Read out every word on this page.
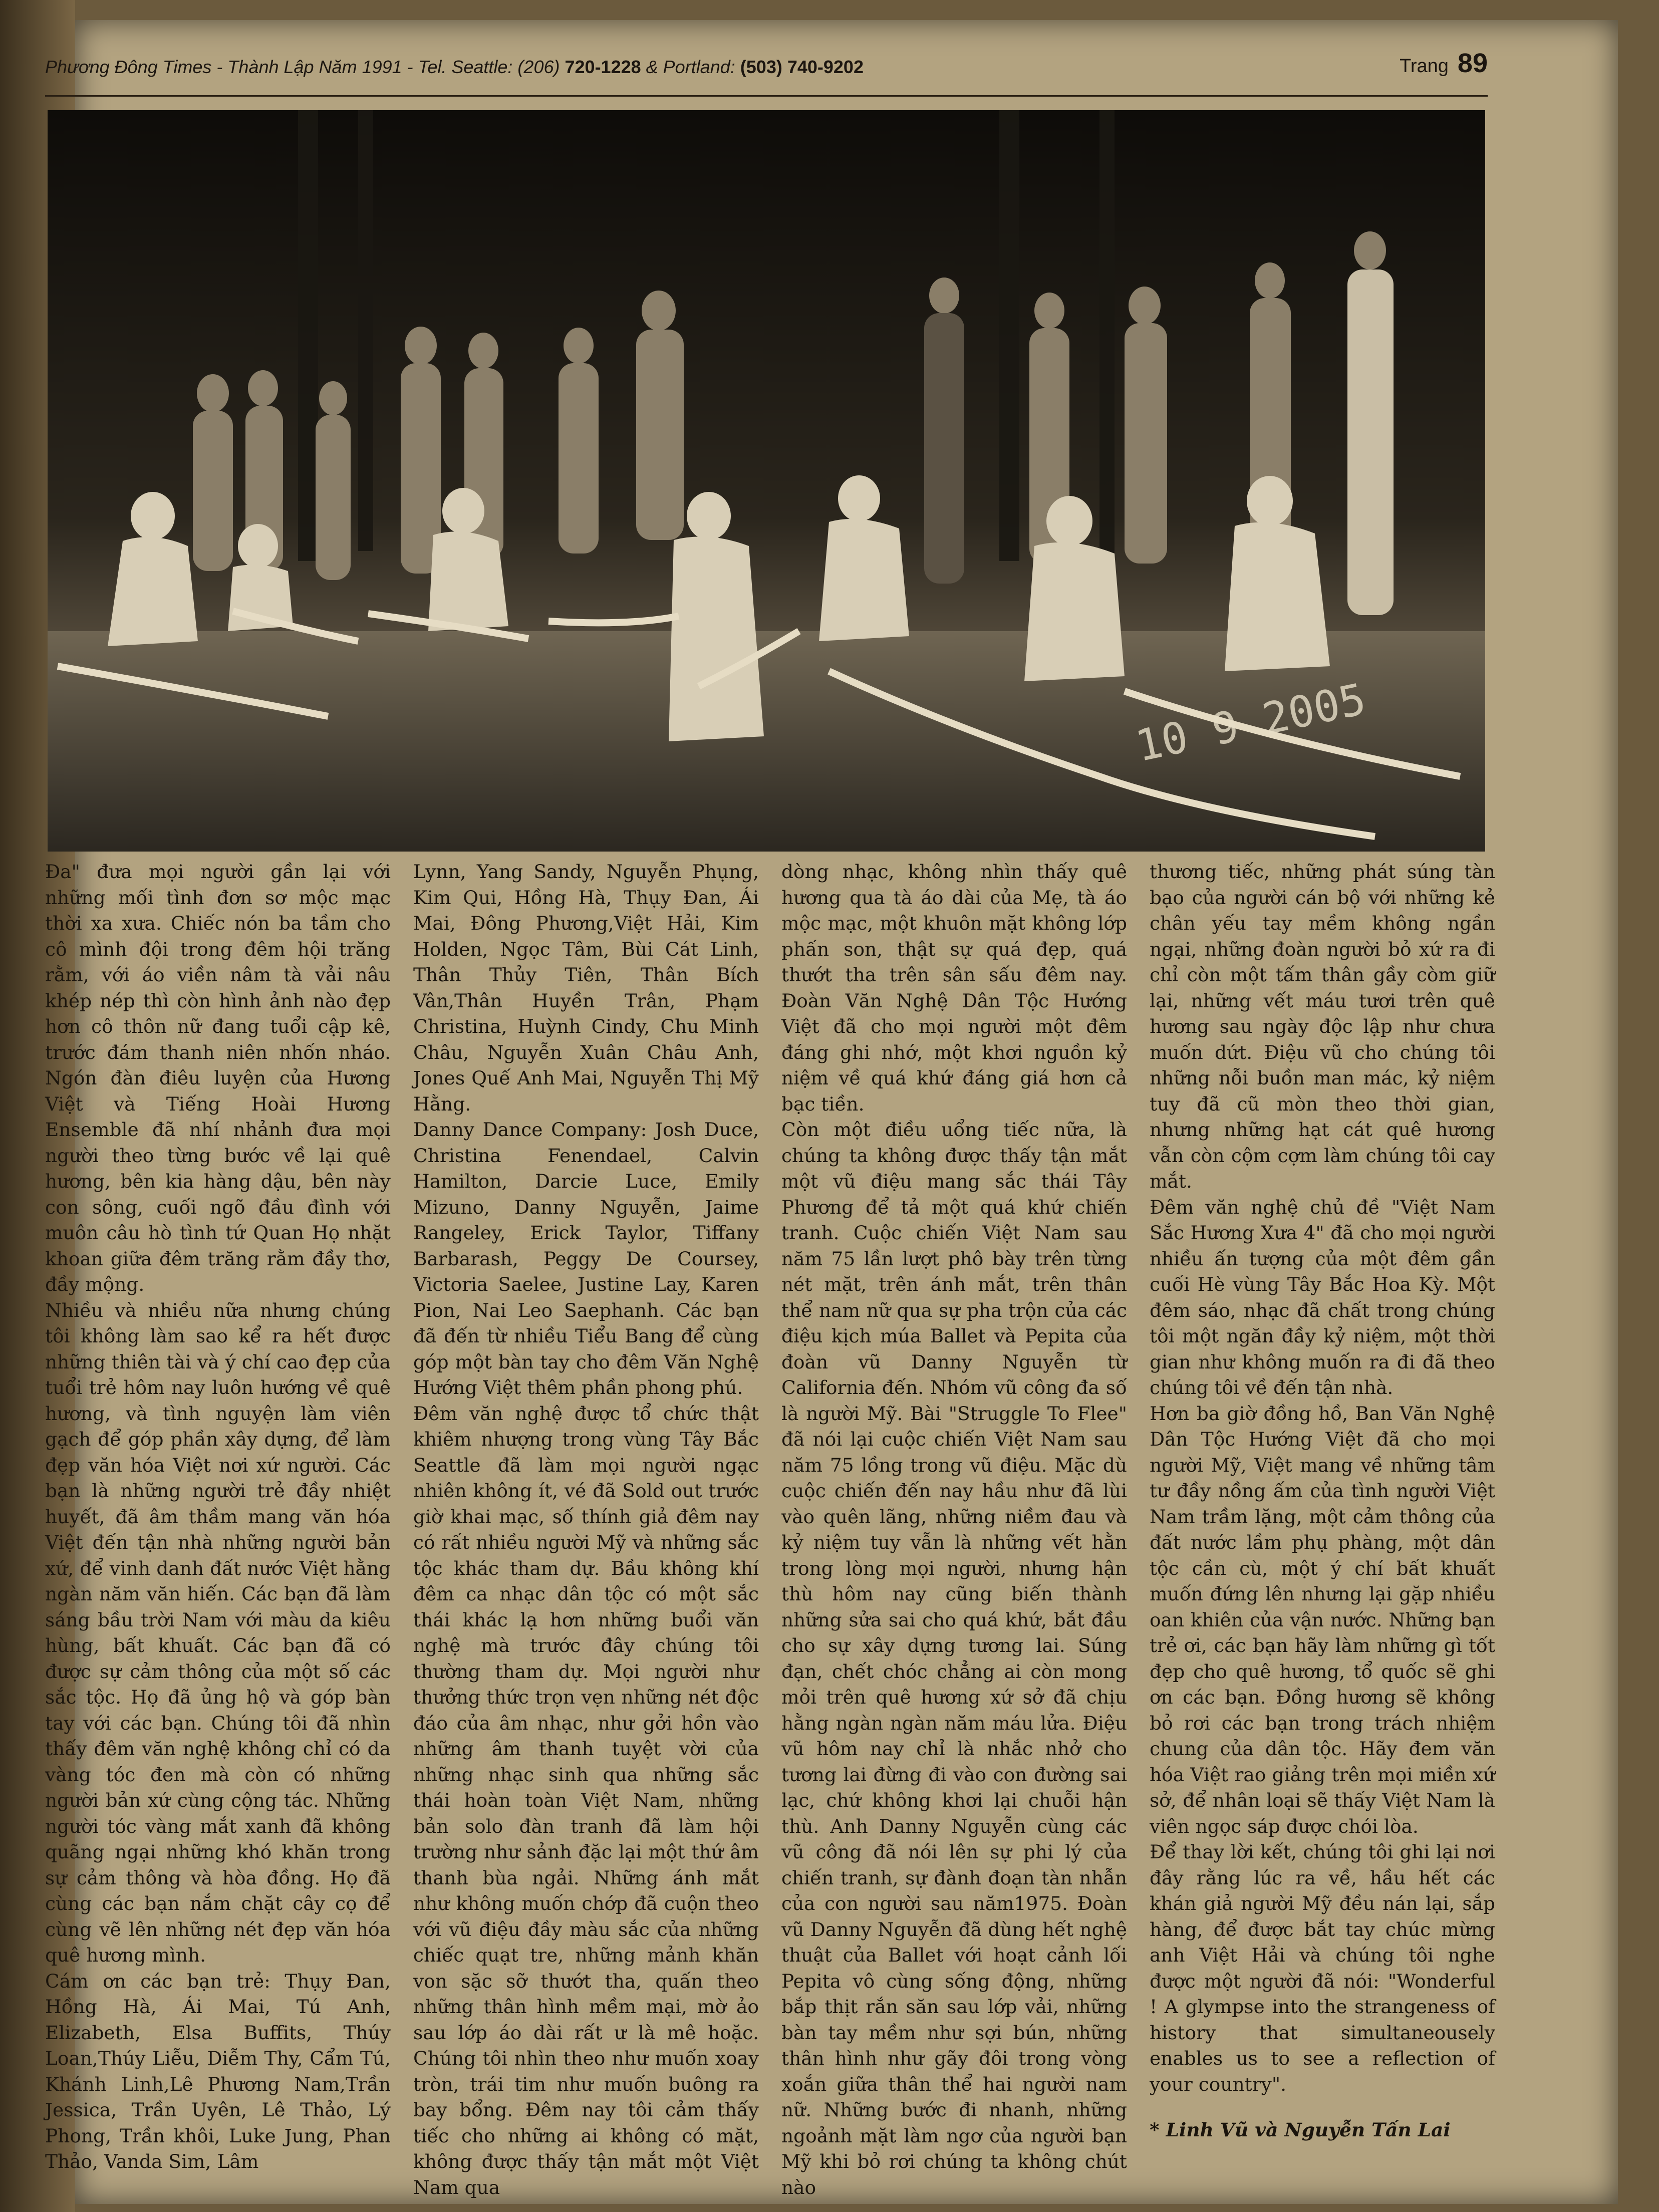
Phương Đông Times - Thành Lập Năm 1991 - Tel. Seattle: (206) 720-1228 & Portland: (503) 740-9202	Trang 89
10 9 2005

Đa" đưa mọi người gần lại với những mối tình đơn sơ mộc mạc thời xa xưa. Chiếc nón ba tầm cho cô mình đội trong đêm hội trăng rằm, với áo viền nâm tà vải nâu khép nép thì còn hình ảnh nào đẹp hơn cô thôn nữ đang tuổi cập kê, trước đám thanh niên nhốn nháo. Ngón đàn điêu luyện của Hương Việt và Tiếng Hoài Hương Ensemble đã nhí nhảnh đưa mọi người theo từng bước về lại quê hương, bên kia hàng dậu, bên này con sông, cuối ngõ đầu đình với muôn câu hò tình tứ Quan Họ nhặt khoan giữa đêm trăng rằm đầy thơ, đầy mộng.

Nhiều và nhiều nữa nhưng chúng tôi không làm sao kể ra hết được những thiên tài và ý chí cao đẹp của tuổi trẻ hôm nay luôn hướng về quê hương, và tình nguyện làm viên gạch để góp phần xây dựng, để làm đẹp văn hóa Việt nơi xứ người. Các bạn là những người trẻ đầy nhiệt huyết, đã âm thầm mang văn hóa Việt đến tận nhà những người bản xứ, để vinh danh đất nước Việt hằng ngàn năm văn hiến. Các bạn đã làm sáng bầu trời Nam với màu da kiêu hùng, bất khuất. Các bạn đã có được sự cảm thông của một số các sắc tộc. Họ đã ủng hộ và góp bàn tay với các bạn. Chúng tôi đã nhìn thấy đêm văn nghệ không chỉ có da vàng tóc đen mà còn có những người bản xứ cùng cộng tác. Những người tóc vàng mắt xanh đã không quãng ngại những khó khăn trong sự cảm thông và hòa đồng. Họ đã cùng các bạn nắm chặt cây cọ để cùng vẽ lên những nét đẹp văn hóa quê hương mình.

Cám ơn các bạn trẻ: Thụy Đan, Hồng Hà, Ái Mai, Tú Anh, Elizabeth, Elsa Buffits, Thúy Loan,Thúy Liễu, Diễm Thy, Cẩm Tú, Khánh Linh,Lê Phương Nam,Trần Jessica, Trần Uyên, Lê Thảo, Lý Phong, Trần khôi, Luke Jung, Phan Thảo, Vanda Sim, Lâm

Lynn, Yang Sandy, Nguyễn Phụng, Kim Qui, Hồng Hà, Thụy Đan, Ái Mai, Đông Phương,Việt Hải, Kim Holden, Ngọc Tâm, Bùi Cát Linh, Thân Thủy Tiên, Thân Bích Vân,Thân Huyền Trân, Phạm Christina, Huỳnh Cindy, Chu Minh Châu, Nguyễn Xuân Châu Anh, Jones Quế Anh Mai, Nguyễn Thị Mỹ Hằng.

Danny Dance Company: Josh Duce, Christina Fenendael, Calvin Hamilton, Darcie Luce, Emily Mizuno, Danny Nguyễn, Jaime Rangeley, Erick Taylor, Tiffany Barbarash, Peggy De Coursey, Victoria Saelee, Justine Lay, Karen Pion, Nai Leo Saephanh. Các bạn đã đến từ nhiều Tiểu Bang để cùng góp một bàn tay cho đêm Văn Nghệ Hướng Việt thêm phần phong phú.

Đêm văn nghệ được tổ chức thật khiêm nhượng trong vùng Tây Bắc Seattle đã làm mọi người ngạc nhiên không ít, vé đã Sold out trước giờ khai mạc, số thính giả đêm nay có rất nhiều người Mỹ và những sắc tộc khác tham dự. Bầu không khí đêm ca nhạc dân tộc có một sắc thái khác lạ hơn những buổi văn nghệ mà trước đây chúng tôi thường tham dự. Mọi người như thưởng thức trọn vẹn những nét độc đáo của âm nhạc, như gởi hồn vào những âm thanh tuyệt vời của những nhạc sinh qua những sắc thái hoàn toàn Việt Nam, những bản solo đàn tranh đã làm hội trường như sảnh đặc lại một thứ âm thanh bùa ngải. Những ánh mắt như không muốn chớp đã cuộn theo với vũ điệu đầy màu sắc của những chiếc quạt tre, những mảnh khăn von sặc sỡ thướt tha, quấn theo những thân hình mềm mại, mờ ảo sau lớp áo dài rất ư là mê hoặc. Chúng tôi nhìn theo như muốn xoay tròn, trái tim như muốn buông ra bay bổng. Đêm nay tôi cảm thấy tiếc cho những ai không có mặt, không được thấy tận mắt một Việt Nam qua

dòng nhạc, không nhìn thấy quê hương qua tà áo dài của Mẹ, tà áo mộc mạc, một khuôn mặt không lớp phấn son, thật sự quá đẹp, quá thướt tha trên sân sấu đêm nay. Đoàn Văn Nghệ Dân Tộc Hướng Việt đã cho mọi người một đêm đáng ghi nhớ, một khơi nguồn kỷ niệm về quá khứ đáng giá hơn cả bạc tiền.

Còn một điều uổng tiếc nữa, là chúng ta không được thấy tận mắt một vũ điệu mang sắc thái Tây Phương để tả một quá khứ chiến tranh. Cuộc chiến Việt Nam sau năm 75 lần lượt phô bày trên từng nét mặt, trên ánh mắt, trên thân thể nam nữ qua sự pha trộn của các điệu kịch múa Ballet và Pepita của đoàn vũ Danny Nguyễn từ California đến. Nhóm vũ công đa số là người Mỹ. Bài "Struggle To Flee" đã nói lại cuộc chiến Việt Nam sau năm 75 lồng trong vũ điệu. Mặc dù cuộc chiến đến nay hầu như đã lùi vào quên lãng, những niềm đau và kỷ niệm tuy vẫn là những vết hằn trong lòng mọi người, nhưng hận thù hôm nay cũng biến thành những sửa sai cho quá khứ, bắt đầu cho sự xây dựng tương lai. Súng đạn, chết chóc chẳng ai còn mong mỏi trên quê hương xứ sở đã chịu hằng ngàn ngàn năm máu lửa. Điệu vũ hôm nay chỉ là nhắc nhở cho tương lai đừng đi vào con đường sai lạc, chứ không khơi lại chuỗi hận thù. Anh Danny Nguyễn cùng các vũ công đã nói lên sự phi lý của chiến tranh, sự đành đoạn tàn nhẫn của con người sau năm1975. Đoàn vũ Danny Nguyễn đã dùng hết nghệ thuật của Ballet với hoạt cảnh lối Pepita vô cùng sống động, những bắp thịt rắn săn sau lớp vải, những bàn tay mềm như sợi bún, những thân hình như gãy đôi trong vòng xoắn giữa thân thể hai người nam nữ. Những bước đi nhanh, những ngoảnh mặt làm ngơ của người bạn Mỹ khi bỏ rơi chúng ta không chút nào

thương tiếc, những phát súng tàn bạo của người cán bộ với những kẻ chân yếu tay mềm không ngần ngại, những đoàn người bỏ xứ ra đi chỉ còn một tấm thân gầy còm giữ lại, những vết máu tươi trên quê hương sau ngày độc lập như chưa muốn dứt. Điệu vũ cho chúng tôi những nỗi buồn man mác, kỷ niệm tuy đã cũ mòn theo thời gian, nhưng những hạt cát quê hương vẫn còn cộm cợm làm chúng tôi cay mắt.

Đêm văn nghệ chủ đề "Việt Nam Sắc Hương Xưa 4" đã cho mọi người nhiều ấn tượng của một đêm gần cuối Hè vùng Tây Bắc Hoa Kỳ. Một đêm sáo, nhạc đã chất trong chúng tôi một ngăn đầy kỷ niệm, một thời gian như không muốn ra đi đã theo chúng tôi về đến tận nhà.

Hơn ba giờ đồng hồ, Ban Văn Nghệ Dân Tộc Hướng Việt đã cho mọi người Mỹ, Việt mang về những tâm tư đầy nồng ấm của tình người Việt Nam trầm lặng, một cảm thông của đất nước lầm phụ phàng, một dân tộc cần cù, một ý chí bất khuất muốn đứng lên nhưng lại gặp nhiều oan khiên của vận nước. Những bạn trẻ ơi, các bạn hãy làm những gì tốt đẹp cho quê hương, tổ quốc sẽ ghi ơn các bạn. Đồng hương sẽ không bỏ rơi các bạn trong trách nhiệm chung của dân tộc. Hãy đem văn hóa Việt rao giảng trên mọi miền xứ sở, để nhân loại sẽ thấy Việt Nam là viên ngọc sáp được chói lòa.

Để thay lời kết, chúng tôi ghi lại nơi đây rằng lúc ra về, hầu hết các khán giả người Mỹ đều nán lại, sắp hàng, để được bắt tay chúc mừng anh Việt Hải và chúng tôi nghe được một người đã nói: "Wonderful ! A glympse into the strangeness of history that simultaneousely enables us to see a reflection of your country".

* Linh Vũ và Nguyễn Tấn Lai
